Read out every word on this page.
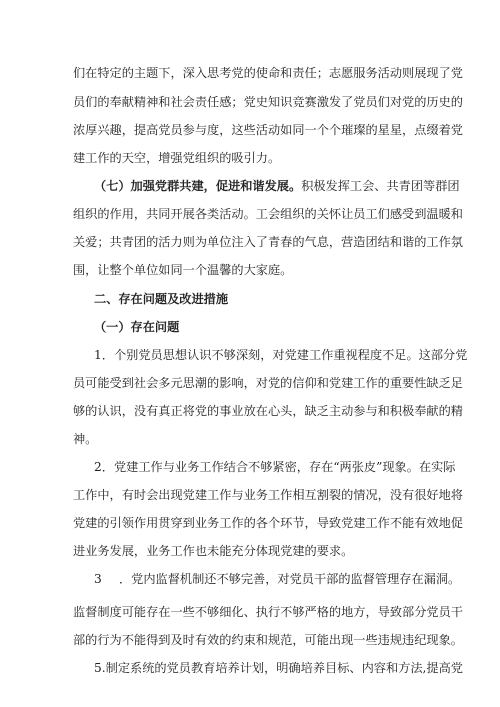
们在特定的主题下，深入思考党的使命和责任；志愿服务活动则展现了党
员们的奉献精神和社会责任感；党史知识竞赛激发了党员们对党的历史的
浓厚兴趣，提高党员参与度，这些活动如同一个个璀璨的星星，点缀着党
建工作的天空，增强党组织的吸引力。
（七）加强党群共建，促进和谐发展。积极发挥工会、共青团等群团
组织的作用，共同开展各类活动。工会组织的关怀让员工们感受到温暖和
关爱；共青团的活力则为单位注入了青春的气息，营造团结和谐的工作氛
围，让整个单位如同一个温馨的大家庭。
二、存在问题及改进措施
（一）存在问题
1．个别党员思想认识不够深刻，对党建工作重视程度不足。这部分党
员可能受到社会多元思潮的影响，对党的信仰和党建工作的重要性缺乏足
够的认识，没有真正将党的事业放在心头，缺乏主动参与和积极奉献的精
神。
2．党建工作与业务工作结合不够紧密，存在“两张皮”现象。在实际
工作中，有时会出现党建工作与业务工作相互割裂的情况，没有很好地将
党建的引领作用贯穿到业务工作的各个环节，导致党建工作不能有效地促
进业务发展，业务工作也未能充分体现党建的要求。
3	．党内监督机制还不够完善，对党员干部的监督管理存在漏洞。
监督制度可能存在一些不够细化、执行不够严格的地方，导致部分党员干
部的行为不能得到及时有效的约束和规范，可能出现一些违规违纪现象。
5.制定系统的党员教育培养计划，明确培养目标、内容和方法,提高党
